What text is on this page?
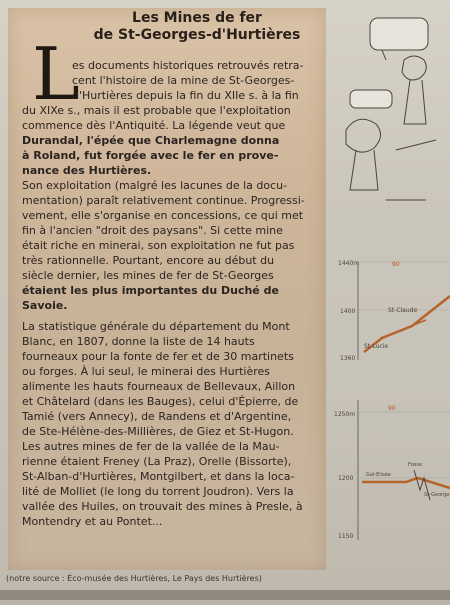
Les Mines de fer
de St-Georges-d'Hurtières
L
es documents historiques retrouvés retra-
cent l'histoire de la mine de St-Georges-
d'Hurtières depuis la fin du XIIe s. à la fin
du XIXe s., mais il est probable que l'exploitation
commence dès l'Antiquité. La légende veut que
Durandal, l'épée que Charlemagne donna
à Roland, fut forgée avec le fer en prove-
nance des Hurtières.
Son exploitation (malgré les lacunes de la docu-
mentation) paraît relativement continue. Progressi-
vement, elle s'organise en concessions, ce qui met
fin à l'ancien "droit des paysans". Si cette mine
était riche en minerai, son exploitation ne fut pas
très rationnelle. Pourtant, encore au début du
siècle dernier, les mines de fer de St-Georges
étaient les plus importantes du Duché de
Savoie.
La statistique générale du département du Mont
Blanc, en 1807, donne la liste de 14 hauts
fourneaux pour la fonte de fer et de 30 martinets
ou forges. À lui seul, le minerai des Hurtières
alimente les hauts fourneaux de Bellevaux, Aillon
et Châtelard (dans les Bauges), celui d'Épierre, de
Tamié (vers Annecy), de Randens et d'Argentine,
de Ste-Hélène-des-Millières, de Giez et St-Hugon.
Les autres mines de fer de la vallée de la Mau-
rienne étaient Freney (La Praz), Orelle (Bissorte),
St-Alban-d'Hurtières, Montgilbert, et dans la loca-
lité de Molliet (le long du torrent Joudron). Vers la
vallée des Huiles, on trouvait des mines à Presle, à
Montendry et au Pontet...
(notre source : Éco-musée des Hurtières, Le Pays des Hurtières)
1440m
1400
1360
90
St-Claude
St-Lucie
1250m
1200
1150
90
Gal-Elisée
Fosse
St-George
